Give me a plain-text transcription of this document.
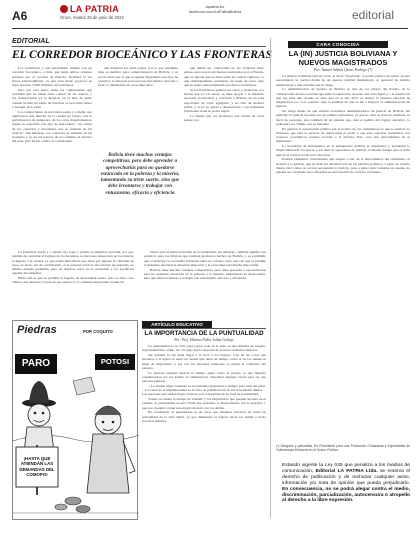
A6	LA PATRIA
Oruro, martes 28 de junio de 2022
lapatria.bo
facebook.com/LaPatriaBolivia	editorial
EDITORIAL
EL CORREDOR BIOCEÁNICO Y LAS FRONTERAS

Los bolivianos y sus autoridades sueñan con un corredor bioceánico, o más, que unirá ambos océanos pasando por el corazón de Bolivia, facilitará la vía férrea principalmente, ya que para dicho proyecto se tiene previsto 3.200 millones de bolivianos.

Pero por otra parte, están los comerciantes que reclaman que no existe tanto control en las trancas, y los transportistas ya lo hicieron en el mes de abril, cuando se hizo un tramo de reactivar el tren entre Oruro y Guaqui, en La Paz.

Los comerciantes de provincia usado y a medio uso anunciaron una marcha en la ciudad de Oruro, con la participación de delegados de los otros departamentos, donde se expondrá este tipo de mercadería, "en contra de los controles y decomisos que se realizan en las trancas". Sin embargo, los controles se realizan en las fronteras y no en las trancas de los caminos al interior del país, para luchar contra el contrabando.

que deberían ser entre países, por lo que resultaría muy económico para comercializarlo en Bolivia, y es esa la razón por la que se siguen ingresando este tipo de artículos, la mayoría para proveer del interior del país a Oruro y distribuirlo en otros mercados.

Bolivia tiene muchas ventajas competitivas, pero debe aprender a aprovecharlas para no quedarse estancada en la pobreza y la miseria, lamentando su triste suerte, sino que debe levantarse y trabajar con entusiasmo, eficacia y eficiencia

que deben ser controladas en las fronteras entre países, pero son los de menos controlados por el Estado, que se supone que se debe tener un control riguroso, lo que tempranamente solamente un lugar de paso, sino que se están comercializando productos bolivianos.

Si los bolivianos quieren ser cerca y promover a la fuerza que los vio nacer, se debe apoyar a la industria nacional, potenciarla y convertir a Bolivia en un país exportador de valor agregado, y no sólo de materia prima, y si no se ayuda a desarrollarse a las industrias bolivianas, nada se podrá lograr.

La fuente que los productos que entran de otros países son

La prendería usada y a medio uso pone a prueba la industria nacional, por eso, además de controlar el ingreso en las fronteras, se hace una inspección en las trancas, el ingreso a la ciudad, ya que existe mercadería que entra por lugares no oficiales de paso, es decir, vía de contrabando, si la persona traviera una factura de respaldo, no tendría ningún problema, pero en muchos casos no la presentan y los productos quedan decomisados.

Hasta allí es que se prohíbe el ingreso de mercadería usada, pero no hizo caso omiso a los decretos y leyes en ese aspecto y se continuó ingresando productos

bueno para la masa economía de la ciudadanía, sin embargo, también significa un perjuicio para las fábricas que realizan productos hechos en Bolivia, y es prohibido que al principio la economía boliviana sufra un colapso, pero una vez que se permite la industria nacional la situación mejorará, y la economía será mucho más sólida.

Bolivia tiene muchas ventajas competitivas, pero debe aprender a aprovecharlas para no quedarse estancada en la pobreza y la miseria, lamentando su triste suerte, sino que debe levantarse y trabajar con entusiasmo, eficacia y eficiencia.

CARA CONOCIDA
LA (IN) JUSTICIA BOLIVIANA Y NUEVOS MAGISTRADOS
Por: Ismael Adrián Quino Rodrigo (*)

La justicia boliviana está en crisis, el nivel "funcional" al poder político de turno; se está escondiendo la verdad detrás de un aparato judicial manipulado, el personal de justicia institucional y una reforma que no llega.

La administración de justicia en Bolivia es uno de los pilares del Estado, en la construcción de una sociedad que tiene la aspiración de tener una vida digna y a la sombra de una ley, más aún cuando se sabe que en el año 2011 se realizó la primera elección de magistrados por voto popular, bajo la premisa de que se iba a mejorar la administración de justicia.

No tenga dudas de que existen excelentes administradores de justicia en Bolivia, sin embargo la justicia necesita ser un cambio estructural, ya que no sólo se trata de nombres, es decir de personas, sino también de un sistema que, ante el pedido del órgano ejecutivo, la judicatura no cumple con su mandato.

En general la apreciación pública (en la lectura de los ciudadanos) es que la justicia no funciona, que está al servicio de quien tiene el poder y que sólo aquellos ciudadanos con recursos económicos pueden acceder a la justicia. Esto crea una desconfianza en la institución.

La necesidad de incrementar en el presupuesto judicial es imperativa y garantizar la imparcialidad de los jueces y los nuevos operadores de justicia, al mismo tiempo que se debe ejercer el control social en la elección.

Existen elementos coincidentes que surgen a raíz de la desconfianza del ciudadano: el sistema y la justicia, que no debe ser decisión sólo de los partidos políticos, a partir de cuando tienen cinco años de acción reconstruir la justicia, pese a haber sido tomadas en cuenta, no pueden ser olvidadas sino reflejadas en una reforma de carácter verdadero.

(*) Abogado y periodista. Es Presidente para una Protección Ciudadana y Especialista de Gobernanza Electoral en el Sector Público.
Estando vigente la Ley 045 que penaliza a los medios de comunicación, Editorial LA PATRIA Ltda. se reserva el derecho de publicación y de rechazar cualquier aviso, información y/o nota de opinión que pueda perjudicarlo. En consecuencia, no se podrá alegar contra el medio, discriminación, parcialización, autocensura o atropello al derecho a la libre expresión.
Piedras	POR COQUITO
PARO	POTOSI
¡HASTA QUE ATIENDAN LAS DEMANDAS DEL COMOPO!
ARTÍCULO EDUCATIVO
LA IMPORTANCIA DE LA PUNTUALIDAD
Por: Prof. Máximo Núñez Julián Gallego

La puntualidad es la clave para lograr todo en la vida, es una muestra de respeto, responsabilidad, orden, etc. Ya algo que la mayoría de nosotros debemos mejorar.

Ser puntual es sin duda llegar a la hora a los lugares. Una de las cosas que hacemos a la ligera es tener en cuenta que tanto su tiempo como el de los demás es igual de importante, y por eso las personas puntuales se ganan la confianza del entorno.

La persona puntual aprecia el tiempo ajeno como el propio, lo que muestra consideración por los demás. A continuación, ofrecemos algunas claves para ser una persona puntual:

– La alarma sigue sonando, se recomienda prepararse a tiempo para salir sin prisa. – La causa de la impuntualidad es la falta de planificación de las actividades diarias. – Las personas que suelen llegar tarde no son conscientes de su falta de puntualidad.

Tomar en cuenta el tiempo de traslado y los imprevistos que pueden suceder en el camino, la puntualidad es una virtud que podemos ir desarrollando con la práctica, y que nos ayudará a tener una mejor relación con los demás.

En conclusión, la puntualidad es un valor que debemos practicar en todas las actividades de la vida diaria, ya que demuestra el respeto hacia los demás y hacia nosotros mismos.
